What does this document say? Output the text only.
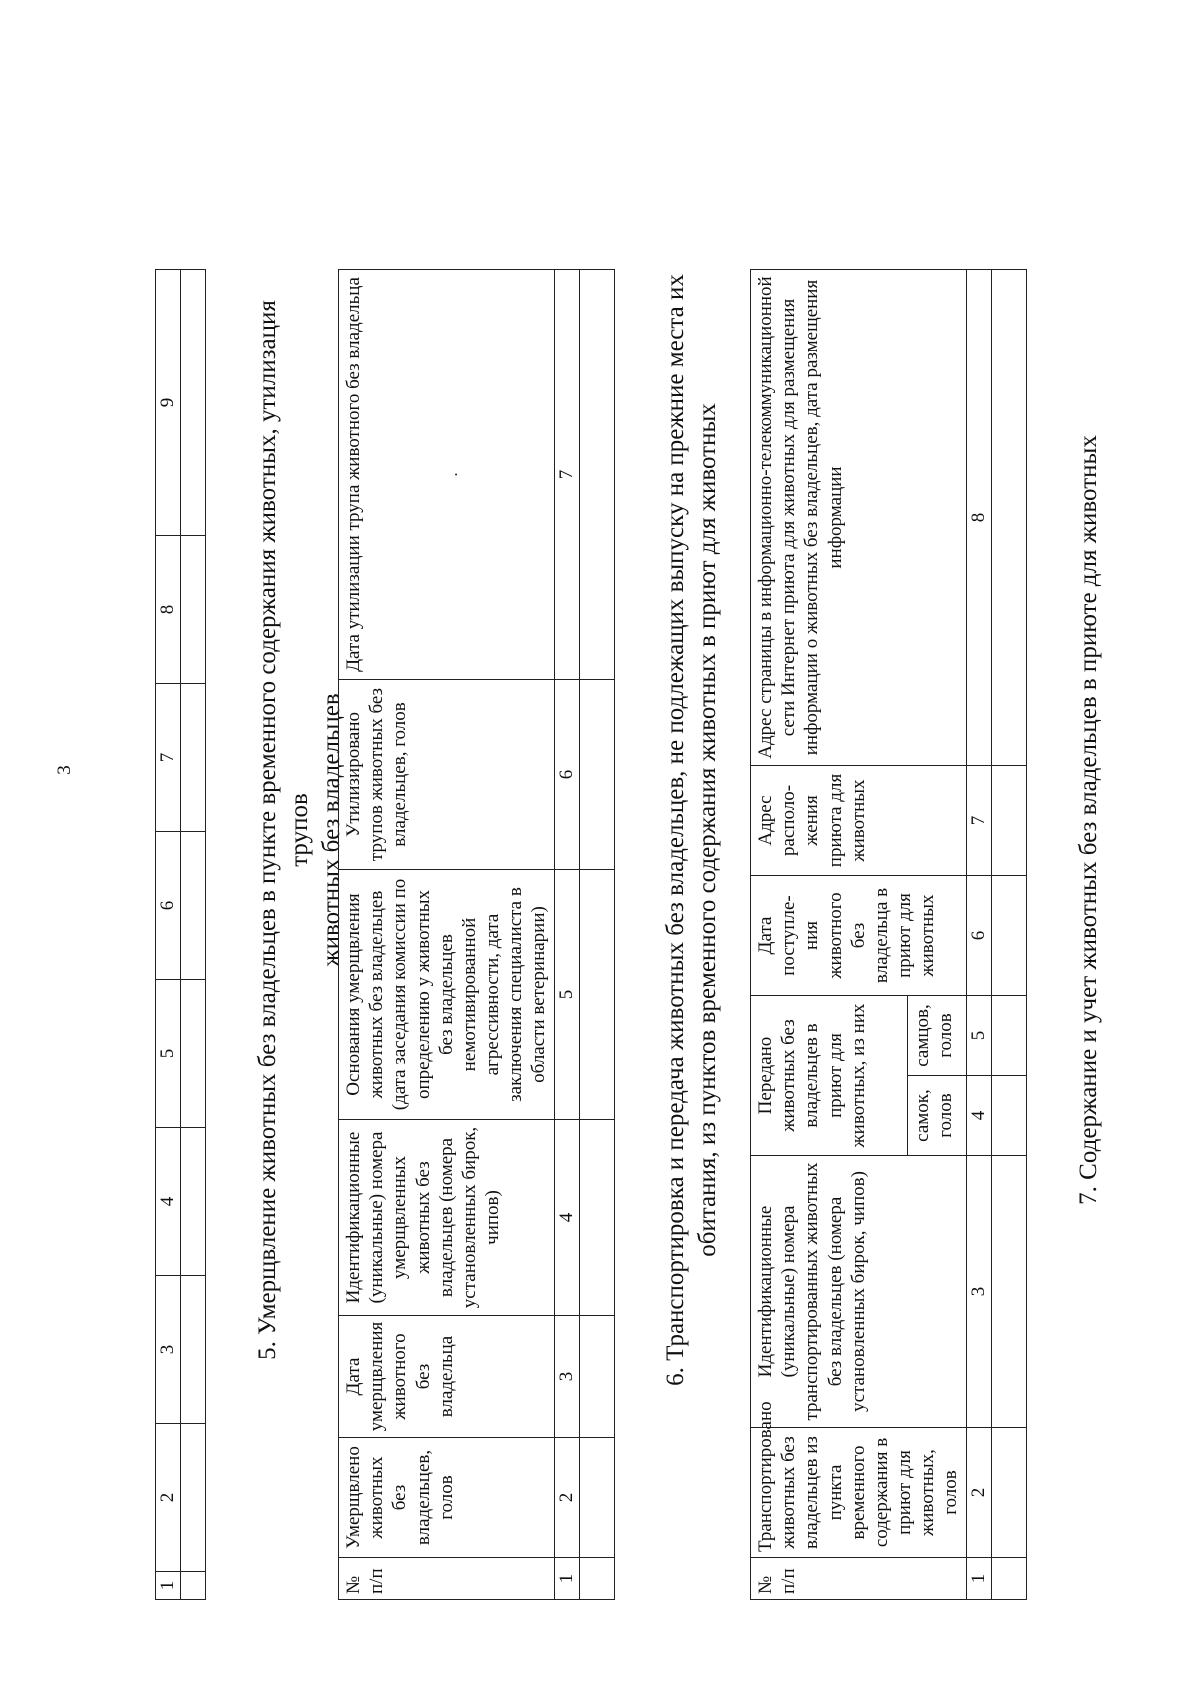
3
1	2	3	4	5	6	7	8	9
									5. Умерщвление животных без владельцев в пункте временного содержания животных, утилизация трупов животных без владельцев
№ п/п	Умерщвлено животных без владельцев, голов	Дата умерщвления животного без владельца	Идентификационные (уникальные) номера умерщвленных животных без владельцев (номера установленных бирок, чипов)	Основания умерщвления животных без владельцев (дата заседания комиссии по определению у животных без владельцев немотивированной агрессивности, дата заключения специалиста в области ветеринарии)	Утилизировано трупов животных без владельцев, голов	Дата утилизации трупа животного без владельца .
1	2	3	4	5	6	7
							6. Транспортировка и передача животных без владельцев, не подлежащих выпуску на прежние места их обитания, из пунктов временного содержания животных в приют для животных
№ п/п	Транспортировано животных без владельцев из пункта временного содержания в приют для животных, голов	Идентификационные (уникальные) номера транспортированных животных без владельцев (номера установленных бирок, чипов)	Передано животных без владельцев в приют для животных, из них		Дата поступле-ния животного без владельца в приют для животных	Адрес располо-жения приюта для животных	Адрес страницы в информационно-телекоммуникационной сети Интернет приюта для животных для размещения информации о животных без владельцев, дата размещения информации
			самок, голов	самцов, голов			
1	2	3	4	5	6	7	8
								7. Содержание и учет животных без владельцев в приюте для животных
